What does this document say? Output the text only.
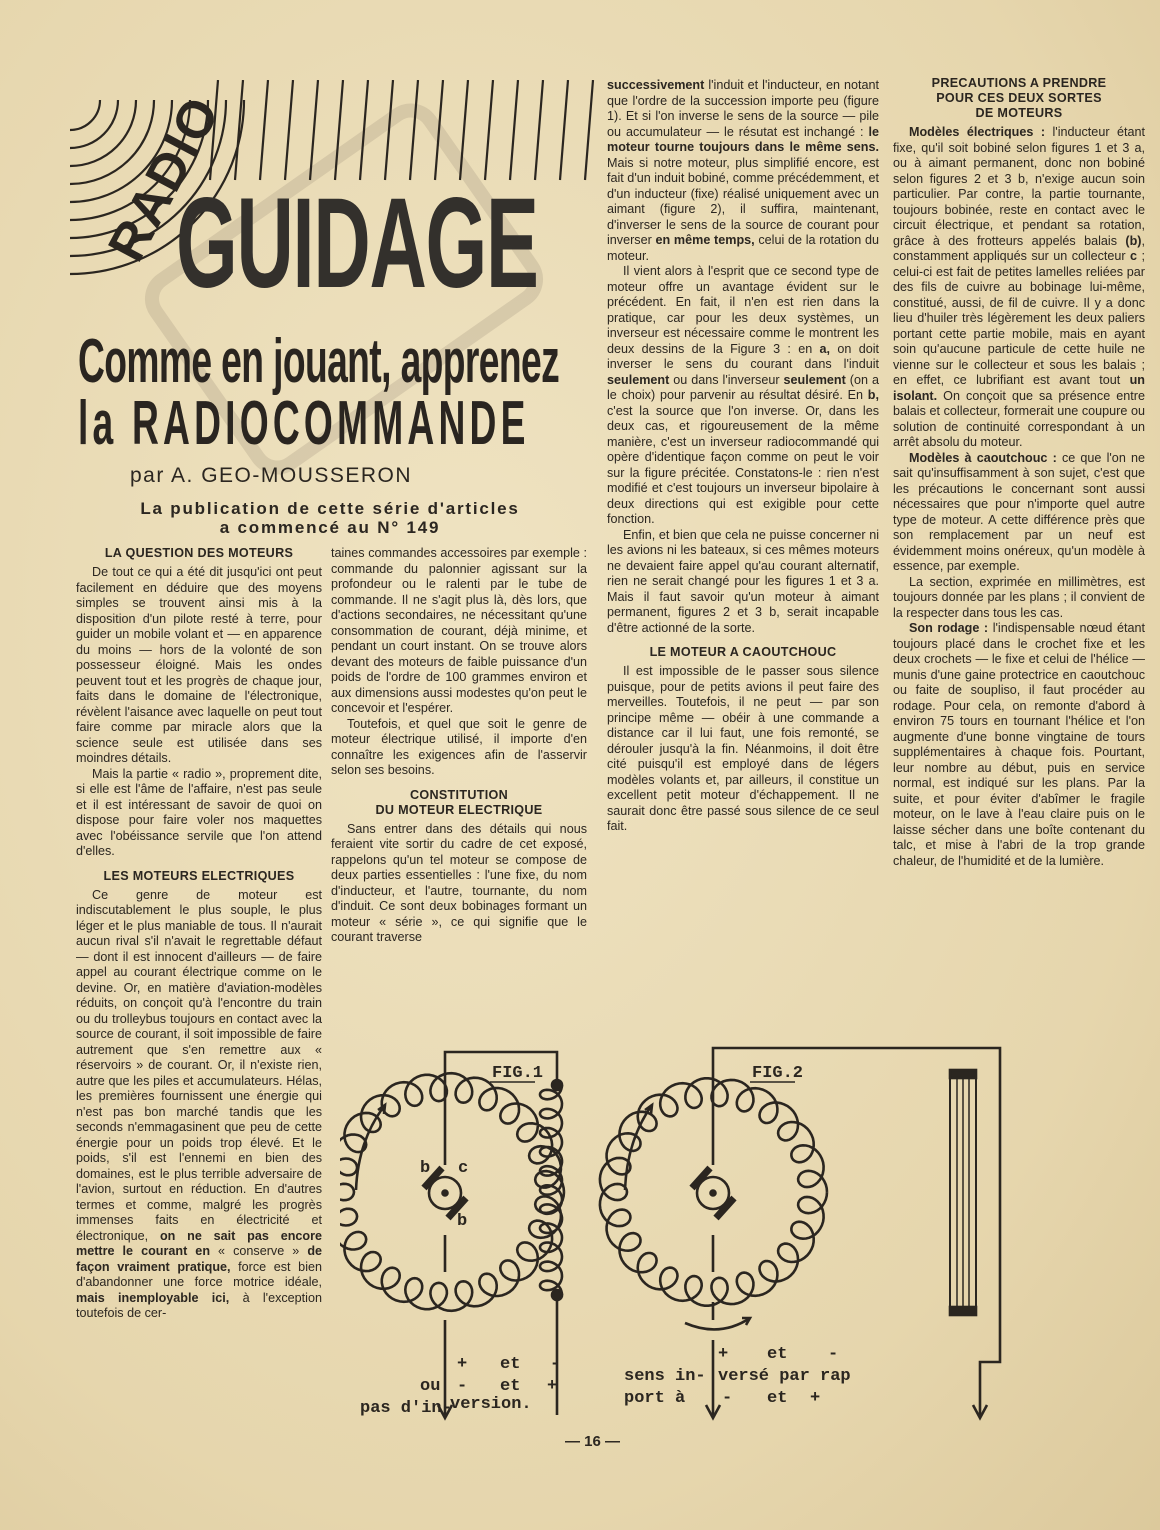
RADIO
GUIDAGE
Comme en jouant, apprenez
la RADIOCOMMANDE
par A. GEO-MOUSSERON
La publication de cette série d'articles
a commencé au N° 149
LA QUESTION DES MOTEURS

De tout ce qui a été dit jusqu'ici ont peut facilement en déduire que des moyens simples se trouvent ainsi mis à la disposition d'un pilote resté à terre, pour guider un mobile volant et — en apparence du moins — hors de la volonté de son possesseur éloigné. Mais les ondes peuvent tout et les progrès de chaque jour, faits dans le domaine de l'électronique, révèlent l'aisance avec laquelle on peut tout faire comme par miracle alors que la science seule est utilisée dans ses moindres détails.

Mais la partie « radio », proprement dite, si elle est l'âme de l'affaire, n'est pas seule et il est intéressant de savoir de quoi on dispose pour faire voler nos maquettes avec l'obéissance servile que l'on attend d'elles.

LES MOTEURS ELECTRIQUES

Ce genre de moteur est indiscutablement le plus souple, le plus léger et le plus maniable de tous. Il n'aurait aucun rival s'il n'avait le regrettable défaut — dont il est innocent d'ailleurs — de faire appel au courant électrique comme on le devine. Or, en matière d'aviation-modèles réduits, on conçoit qu'à l'encontre du train ou du trolleybus toujours en contact avec la source de courant, il soit impossible de faire autrement que s'en remettre aux « réservoirs » de courant. Or, il n'existe rien, autre que les piles et accumulateurs. Hélas, les premières fournissent une énergie qui n'est pas bon marché tandis que les seconds n'emmagasinent que peu de cette énergie pour un poids trop élevé. Et le poids, s'il est l'ennemi en bien des domaines, est le plus terrible adversaire de l'avion, surtout en réduction. En d'autres termes et comme, malgré les progrès immenses faits en électricité et électronique, on ne sait pas encore mettre le courant en « conserve » de façon vraiment pratique, force est bien d'abandonner une force motrice idéale, mais inemployable ici, à l'exception toutefois de cer-

taines commandes accessoires par exemple : commande du palonnier agissant sur la profondeur ou le ralenti par le tube de commande. Il ne s'agit plus là, dès lors, que d'actions secondaires, ne nécessitant qu'une consommation de courant, déjà minime, et pendant un court instant. On se trouve alors devant des moteurs de faible puissance d'un poids de l'ordre de 100 grammes environ et aux dimensions aussi modestes qu'on peut le concevoir et l'espérer.

Toutefois, et quel que soit le genre de moteur électrique utilisé, il importe d'en connaître les exigences afin de l'asservir selon ses besoins.

CONSTITUTION
DU MOTEUR ELECTRIQUE

Sans entrer dans des détails qui nous feraient vite sortir du cadre de cet exposé, rappelons qu'un tel moteur se compose de deux parties essentielles : l'une fixe, du nom d'inducteur, et l'autre, tournante, du nom d'induit. Ce sont deux bobinages formant un moteur « série », ce qui signifie que le courant traverse

successivement l'induit et l'inducteur, en notant que l'ordre de la succession importe peu (figure 1). Et si l'on inverse le sens de la source — pile ou accumulateur — le résutat est inchangé : le moteur tourne toujours dans le même sens. Mais si notre moteur, plus simplifié encore, est fait d'un induit bobiné, comme précédemment, et d'un inducteur (fixe) réalisé uniquement avec un aimant (figure 2), il suffira, maintenant, d'inverser le sens de la source de courant pour inverser en même temps, celui de la rotation du moteur.

Il vient alors à l'esprit que ce second type de moteur offre un avantage évident sur le précédent. En fait, il n'en est rien dans la pratique, car pour les deux systèmes, un inverseur est nécessaire comme le montrent les deux dessins de la Figure 3 : en a, on doit inverser le sens du courant dans l'induit seulement ou dans l'inverseur seulement (on a le choix) pour parvenir au résultat désiré. En b, c'est la source que l'on inverse. Or, dans les deux cas, et rigoureusement de la même manière, c'est un inverseur radiocommandé qui opère d'identique façon comme on peut le voir sur la figure précitée. Constatons-le : rien n'est modifié et c'est toujours un inverseur bipolaire à deux directions qui est exigible pour cette fonction.

Enfin, et bien que cela ne puisse concerner ni les avions ni les bateaux, si ces mêmes moteurs ne devaient faire appel qu'au courant alternatif, rien ne serait changé pour les figures 1 et 3 a. Mais il faut savoir qu'un moteur à aimant permanent, figures 2 et 3 b, serait incapable d'être actionné de la sorte.

LE MOTEUR A CAOUTCHOUC

Il est impossible de le passer sous silence puisque, pour de petits avions il peut faire des merveilles. Toutefois, il ne peut — par son principe même — obéir à une commande a distance car il lui faut, une fois remonté, se dérouler jusqu'à la fin. Néanmoins, il doit être cité puisqu'il est employé dans de légers modèles volants et, par ailleurs, il constitue un excellent petit moteur d'échappement. Il ne saurait donc être passé sous silence de ce seul fait.

PRECAUTIONS A PRENDRE
POUR CES DEUX SORTES
DE MOTEURS

Modèles électriques : l'inducteur étant fixe, qu'il soit bobiné selon figures 1 et 3 a, ou à aimant permanent, donc non bobiné selon figures 2 et 3 b, n'exige aucun soin particulier. Par contre, la partie tournante, toujours bobinée, reste en contact avec le circuit électrique, et pendant sa rotation, grâce à des frotteurs appelés balais (b), constamment appliqués sur un collecteur c ; celui-ci est fait de petites lamelles reliées par des fils de cuivre au bobinage lui-même, constitué, aussi, de fil de cuivre. Il y a donc lieu d'huiler très légèrement les deux paliers portant cette partie mobile, mais en ayant soin qu'aucune particule de cette huile ne vienne sur le collecteur et sous les balais ; en effet, ce lubrifiant est avant tout un isolant. On conçoit que sa présence entre balais et collecteur, formerait une coupure ou solution de continuité correspondant à un arrêt absolu du moteur.

Modèles à caoutchouc : ce que l'on ne sait qu'insuffisamment à son sujet, c'est que les précautions le concernant sont aussi nécessaires que pour n'importe quel autre type de moteur. A cette différence près que son remplacement par un neuf est évidemment moins onéreux, qu'un modèle à essence, par exemple.

La section, exprimée en millimètres, est toujours donnée par les plans ; il convient de la respecter dans tous les cas.

Son rodage : l'indispensable nœud étant toujours placé dans le crochet fixe et les deux crochets — le fixe et celui de l'hélice — munis d'une gaine protectrice en caoutchouc ou faite de soupliso, il faut procéder au rodage. Pour cela, on remonte d'abord à environ 75 tours en tournant l'hélice et l'on augmente d'une bonne vingtaine de tours supplémentaires à chaque fois. Pourtant, leur nombre au début, puis en service normal, est indiqué sur les plans. Par la suite, et pour éviter d'abîmer le fragile moteur, on le lave à l'eau claire puis on le laisse sécher dans une boîte contenant du talc, et mise à l'abri de la trop grande chaleur, de l'humidité et de la lumière.

FIG.1
b c
b
+ et -
ou - et +
pas d'in-
version.
FIG.2
+ et -
sens in- versé par rap
port à - et +
— 16 —
